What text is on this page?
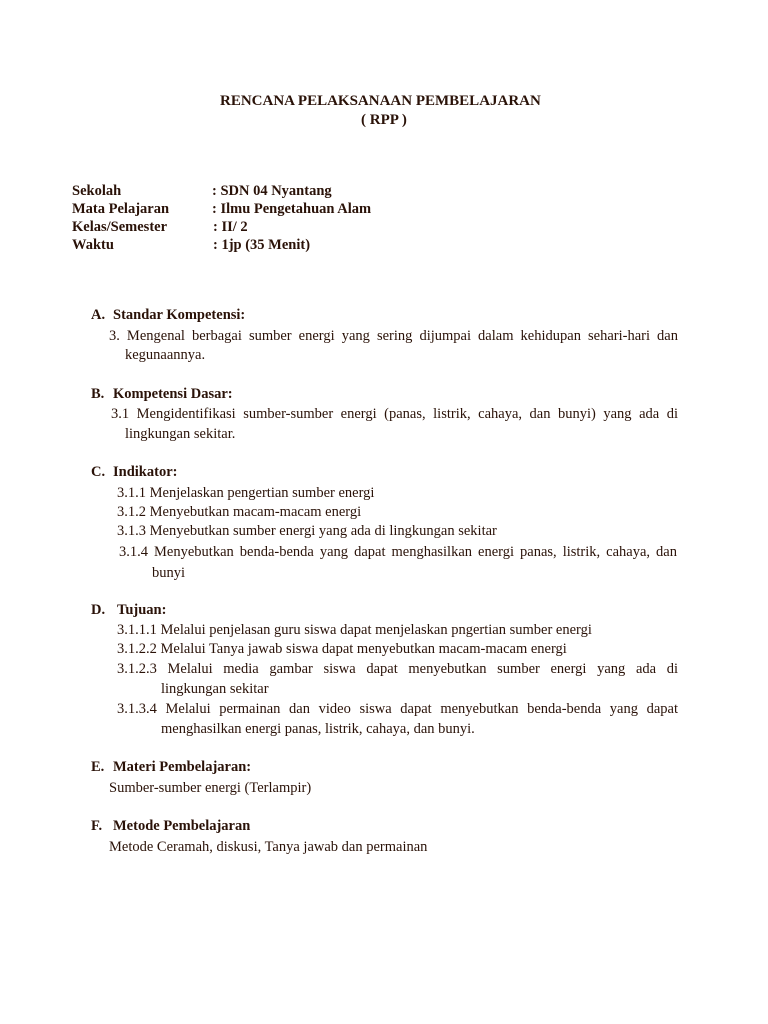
RENCANA PELAKSANAAN PEMBELAJARAN
( RPP )
Sekolah	: SDN 04 Nyantang
Mata Pelajaran	: Ilmu Pengetahuan Alam
Kelas/Semester	: II/ 2
Waktu	: 1jp (35 Menit)
A. Standar Kompetensi:
3. Mengenal berbagai sumber energi yang sering dijumpai dalam kehidupan sehari-hari dan
kegunaannya.
B. Kompetensi Dasar:
3.1 Mengidentifikasi sumber-sumber energi (panas, listrik, cahaya, dan bunyi) yang ada di
lingkungan sekitar.
C. Indikator:
3.1.1 Menjelaskan pengertian sumber energi
3.1.2 Menyebutkan macam-macam energi
3.1.3 Menyebutkan sumber energi yang ada di lingkungan sekitar
3.1.4 Menyebutkan benda-benda yang dapat menghasilkan energi panas, listrik, cahaya, dan
bunyi
D. Tujuan:
3.1.1.1 Melalui penjelasan guru siswa dapat menjelaskan pngertian sumber energi
3.1.2.2 Melalui Tanya jawab siswa dapat menyebutkan macam-macam energi
3.1.2.3 Melalui media gambar siswa dapat menyebutkan sumber energi yang ada di
lingkungan sekitar
3.1.3.4 Melalui permainan dan video siswa dapat menyebutkan benda-benda yang dapat
menghasilkan energi panas, listrik, cahaya, dan bunyi.
E. Materi Pembelajaran:
Sumber-sumber energi (Terlampir)
F. Metode Pembelajaran
Metode Ceramah, diskusi, Tanya jawab dan permainan
